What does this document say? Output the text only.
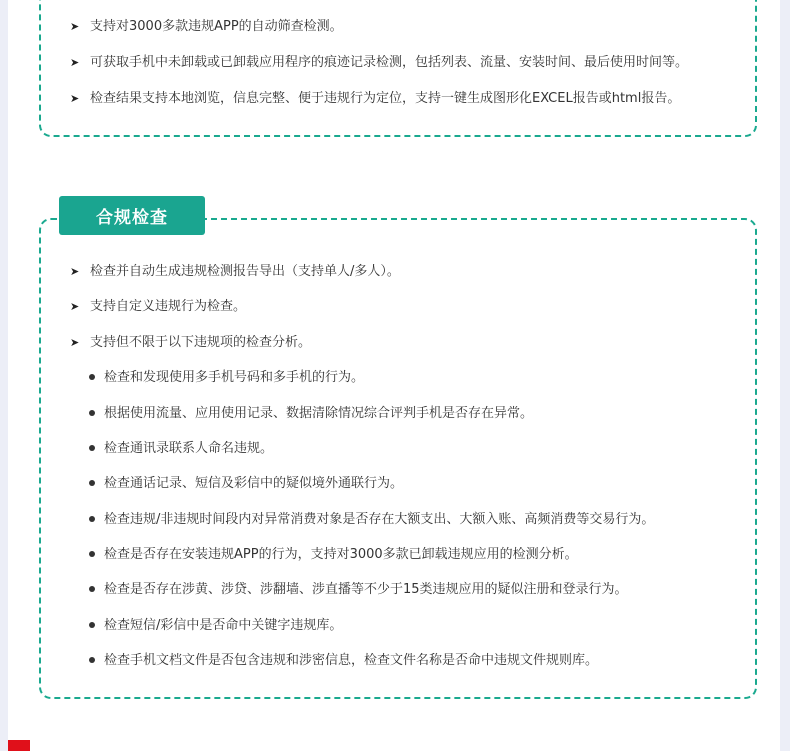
➤ 支持对3000多款违规APP的自动筛查检测。
➤ 可获取手机中未卸载或已卸载应用程序的痕迹记录检测，包括列表、流量、安装时间、最后使用时间等。
➤ 检查结果支持本地浏览，信息完整、便于违规行为定位，支持一键生成图形化EXCEL报告或html报告。
合规检查
➤ 检查并自动生成违规检测报告导出（支持单人/多人）。
➤ 支持自定义违规行为检查。
➤ 支持但不限于以下违规项的检查分析。
检查和发现使用多手机号码和多手机的行为。
根据使用流量、应用使用记录、数据清除情况综合评判手机是否存在异常。
检查通讯录联系人命名违规。
检查通话记录、短信及彩信中的疑似境外通联行为。
检查违规/非违规时间段内对异常消费对象是否存在大额支出、大额入账、高频消费等交易行为。
检查是否存在安装违规APP的行为，支持对3000多款已卸载违规应用的检测分析。
检查是否存在涉黄、涉贷、涉翻墙、涉直播等不少于15类违规应用的疑似注册和登录行为。
检查短信/彩信中是否命中关键字违规库。
检查手机文档文件是否包含违规和涉密信息，检查文件名称是否命中违规文件规则库。
